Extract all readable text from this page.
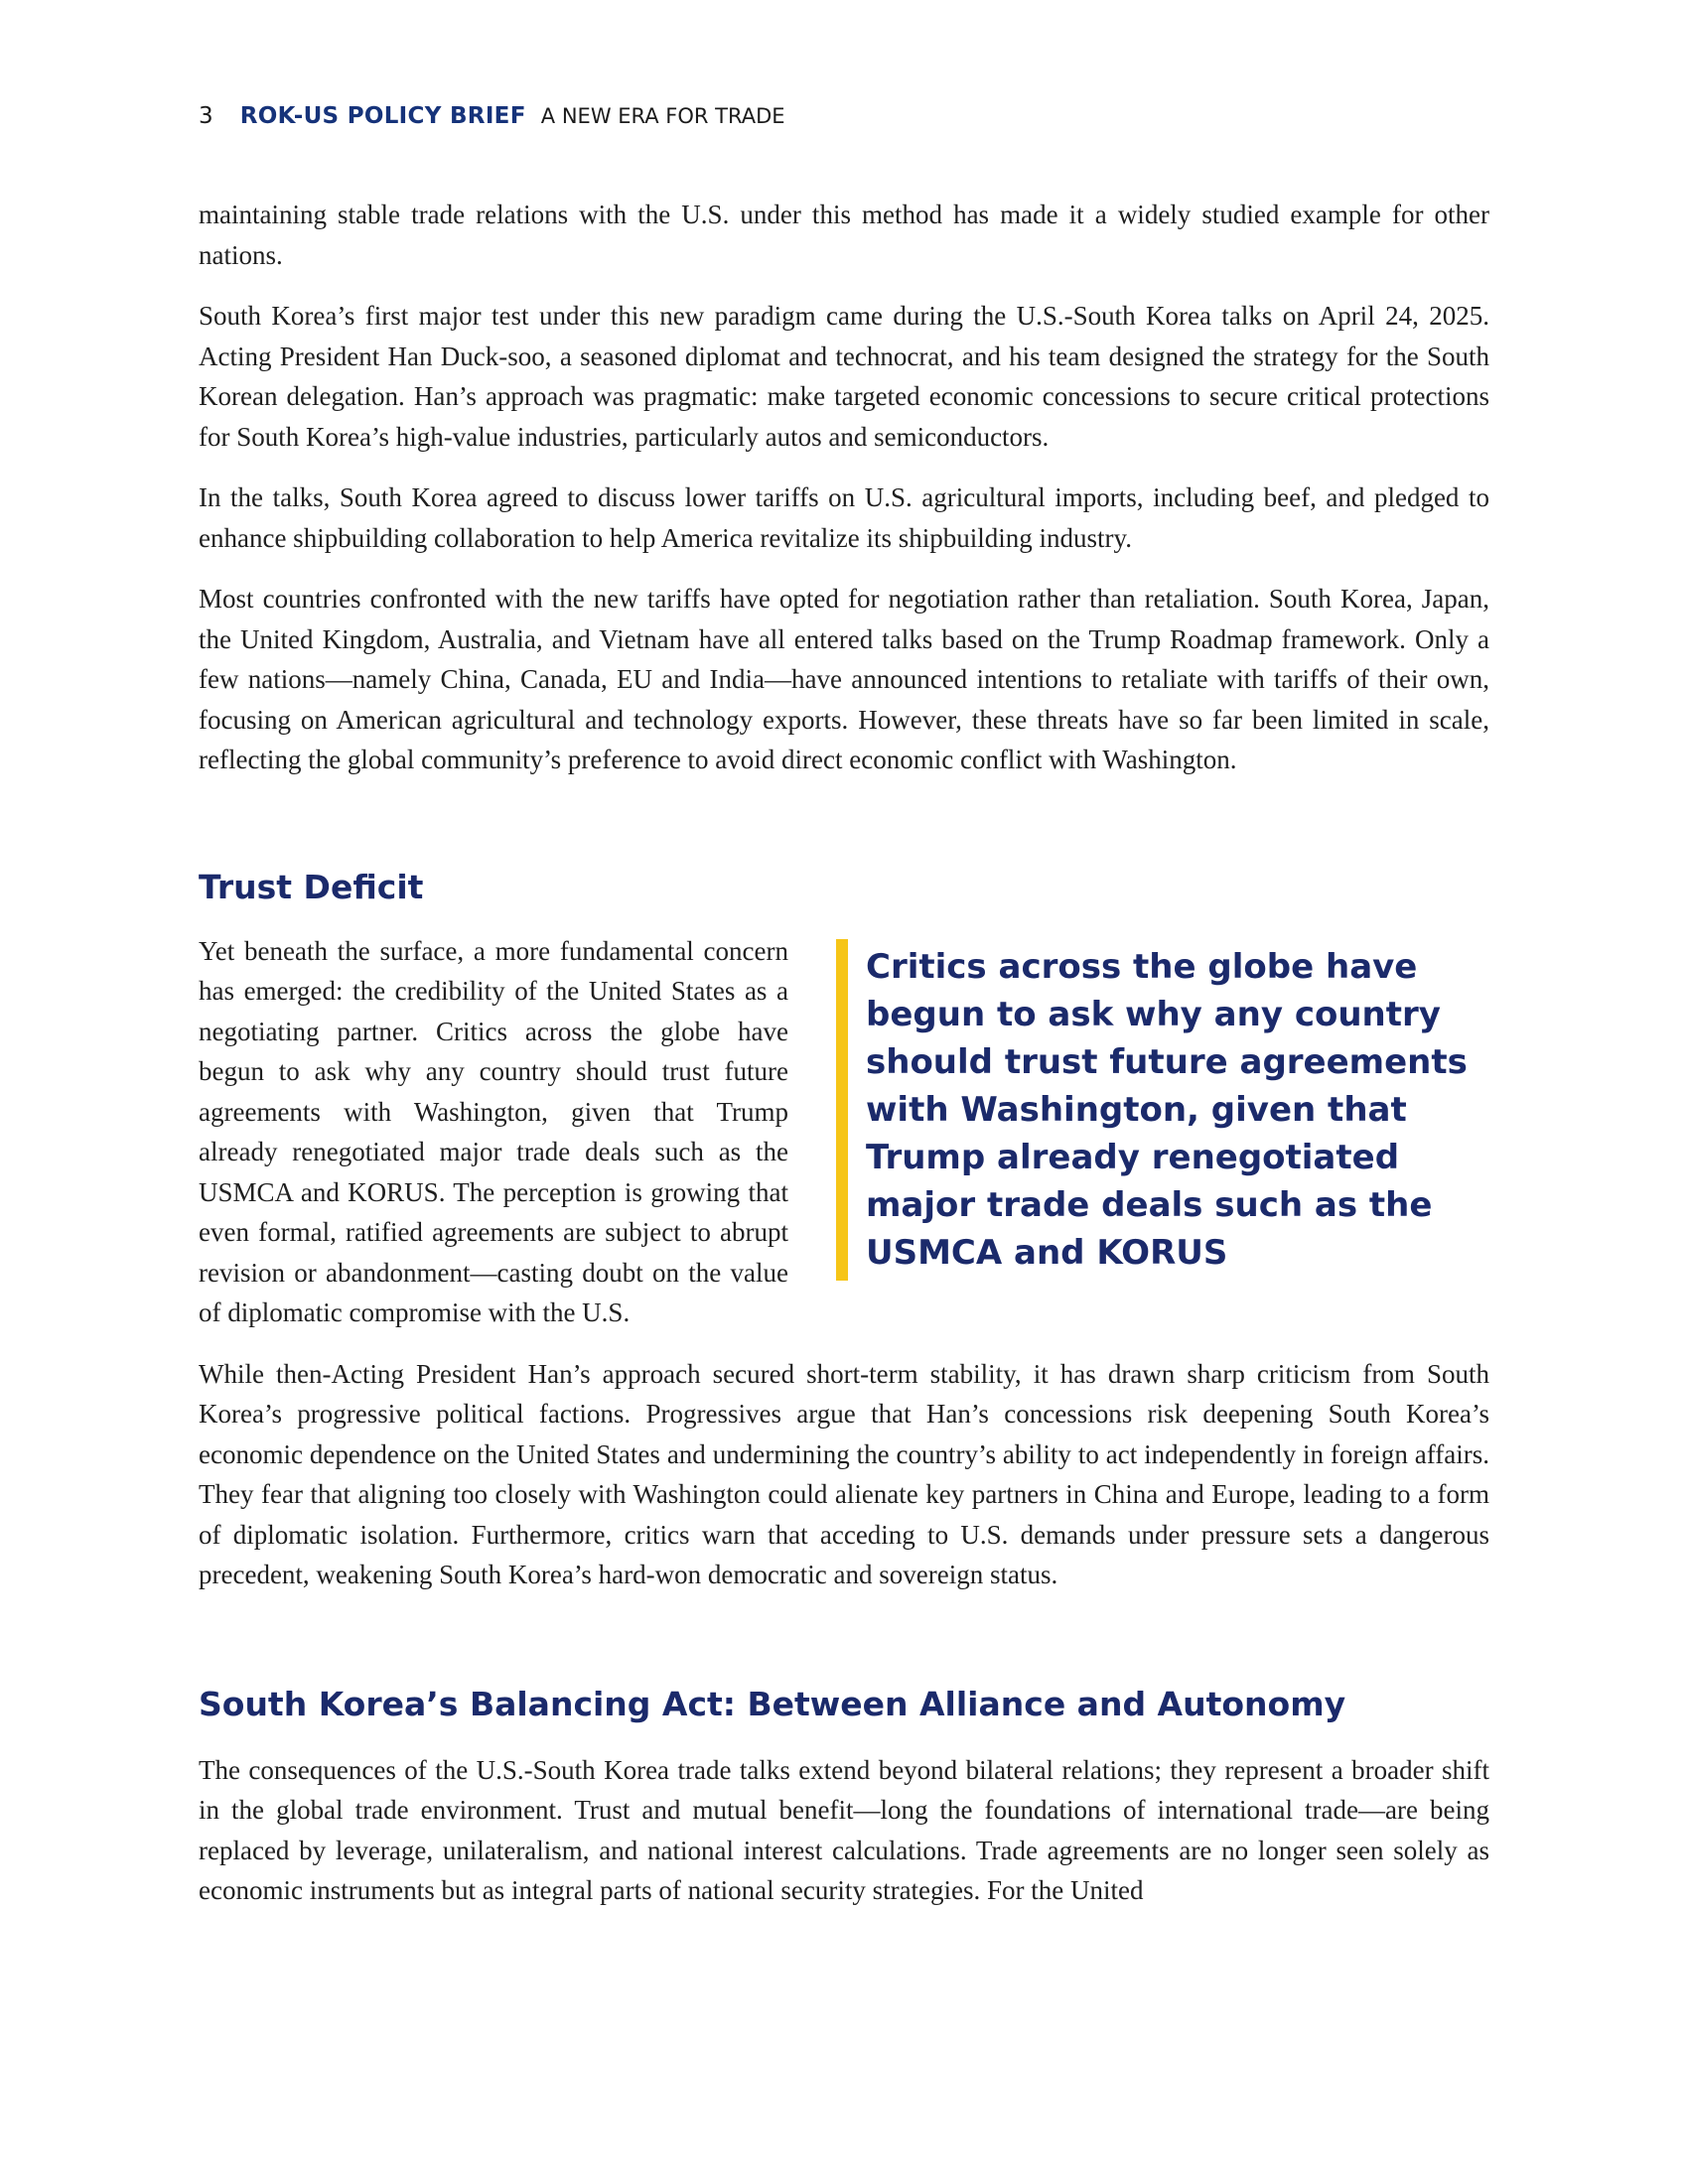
3 ROK-US POLICY BRIEF A NEW ERA FOR TRADE

maintaining stable trade relations with the U.S. under this method has made it a widely studied example for other nations.

South Korea’s first major test under this new paradigm came during the U.S.-South Korea talks on April 24, 2025. Acting President Han Duck-soo, a seasoned diplomat and technocrat, and his team designed the strategy for the South Korean delegation. Han’s approach was pragmatic: make targeted economic concessions to secure critical protections for South Korea’s high-value industries, particularly autos and semiconductors.

In the talks, South Korea agreed to discuss lower tariffs on U.S. agricultural imports, including beef, and pledged to enhance shipbuilding collaboration to help America revitalize its shipbuilding industry.

Most countries confronted with the new tariffs have opted for negotiation rather than retaliation. South Korea, Japan, the United Kingdom, Australia, and Vietnam have all entered talks based on the Trump Roadmap framework. Only a few nations—namely China, Canada, EU and India—have announced intentions to retaliate with tariffs of their own, focusing on American agricultural and technology exports. However, these threats have so far been limited in scale, reflecting the global community’s preference to avoid direct economic conflict with Washington.

Trust Deficit
Critics across the globe have begun to ask why any country should trust future agreements with Washington, given that Trump already renegotiated major trade deals such as the USMCA and KORUS

Yet beneath the surface, a more fundamental concern has emerged: the credibility of the United States as a negotiating partner. Critics across the globe have begun to ask why any country should trust future agreements with Washington, given that Trump already renegotiated major trade deals such as the USMCA and KORUS. The perception is growing that even formal, ratified agreements are subject to abrupt revision or abandonment—casting doubt on the value of diplomatic compromise with the U.S.

While then-Acting President Han’s approach secured short-term stability, it has drawn sharp criticism from South Korea’s progressive political factions. Progressives argue that Han’s concessions risk deepening South Korea’s economic dependence on the United States and undermining the country’s ability to act independently in foreign affairs. They fear that aligning too closely with Washington could alienate key partners in China and Europe, leading to a form of diplomatic isolation. Furthermore, critics warn that acceding to U.S. demands under pressure sets a dangerous precedent, weakening South Korea’s hard-won democratic and sovereign status.

South Korea’s Balancing Act: Between Alliance and Autonomy

The consequences of the U.S.-South Korea trade talks extend beyond bilateral relations; they represent a broader shift in the global trade environment. Trust and mutual benefit—long the foundations of international trade—are being replaced by leverage, unilateralism, and national interest calculations. Trade agreements are no longer seen solely as economic instruments but as integral parts of national security strategies. For the United
